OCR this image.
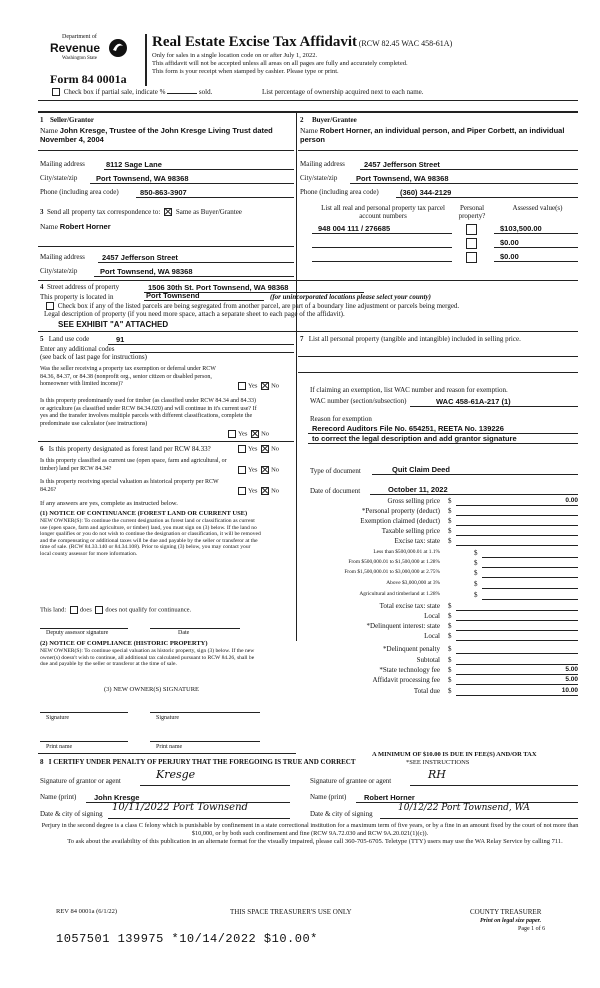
Department of
Revenue
Washington State
Form 84 0001a
Real Estate Excise Tax Affidavit (RCW 82.45 WAC 458-61A)
Only for sales in a single location code on or after July 1, 2022.
This affidavit will not be accepted unless all areas on all pages are fully and accurately completed.
This form is your receipt when stamped by cashier. Please type or print.
Check box if partial sale, indicate %	sold.	List percentage of ownership acquired next to each name.
1 Seller/Grantor
Name John Kresge, Trustee of the John Kresge Living Trust dated November 4, 2004
Mailing address	8112 Sage Lane
City/state/zip Port Townsend, WA 98368
Phone (including area code)	850-863-3907
2 Buyer/Grantee
Name Robert Horner, an individual person, and Piper Corbett, an individual person
Mailing address	2457 Jefferson Street
City/state/zip Port Townsend, WA 98368
Phone (including area code)	(360) 344-2129
3 Send all property tax correspondence to: Same as Buyer/Grantee
Name Robert Horner
Mailing address 2457 Jefferson Street
City/state/zip	Port Townsend, WA 98368
List all real and personal property tax parcel account numbers
Personal property?
Assessed value(s)
948 004 111 / 276685	$103,500.00
$0.00
$0.00
4 Street address of property	1506 30th St. Port Townsend, WA 98368
This property is located in	Port Townsend	(for unincorporated locations please select your county)
Check box if any of the listed parcels are being segregated from another parcel, are part of a boundary line adjustment or parcels being merged.
Legal description of property (if you need more space, attach a separate sheet to each page of the affidavit).
SEE EXHIBIT "A" ATTACHED
5 Land use code	91
Enter any additional codes
(see back of last page for instructions)
Was the seller receiving a property tax exemption or deferral under RCW 84.36, 84.37, or 84.38 (nonprofit org., senior citizen or disabled person, homeowner with limited income)?	Yes No
Is this property predominantly used for timber (as classified under RCW 84.34 and 84.33) or agriculture (as classified under RCW 84.34.020) and will continue in it's current use? If yes and the transfer involves multiple parcels with different classifications, complete the predominate use calculator (see instructions)
Yes No
6 Is this property designated as forest land per RCW 84.33?	Yes No
Is this property classified as current use (open space, farm and agricultural, or timber) land per RCW 84.34?	Yes No
Is this property receiving special valuation as historical property per RCW 84.26?	Yes No
If any answers are yes, complete as instructed below.
(1) NOTICE OF CONTINUANCE (FOREST LAND OR CURRENT USE)
NEW OWNER(S): To continue the current designation as forest land or classification as current use (open space, farm and agriculture, or timber) land, you must sign on (3) below. If the land no longer qualifies or you do not wish to continue the designation or classification, it will be removed and the compensating or additional taxes will be due and payable by the seller or transferor at the time of sale. (RCW 84.33.140 or 84.34.108). Prior to signing (3) below, you may contact your local county assessor for more information.
This land: does does not qualify for continuance.
Deputy assessor signature	Date
(2) NOTICE OF COMPLIANCE (HISTORIC PROPERTY)
NEW OWNER(S): To continue special valuation as historic property, sign (3) below. If the new owner(s) doesn't wish to continue, all additional tax calculated pursuant to RCW 84.26, shall be due and payable by the seller or transferor at the time of sale.
(3) NEW OWNER(S) SIGNATURE
Signature	Signature
Print name	Print name
7 List all personal property (tangible and intangible) included in selling price.
If claiming an exemption, list WAC number and reason for exemption.
WAC number (section/subsection)	WAC 458-61A-217 (1)
Reason for exemption
Rerecord Auditors File No. 654251, REETA No. 139226
to correct the legal description and add grantor signature
Type of document	Quit Claim Deed
Date of document	October 11, 2022
Gross selling price $	0.00
*Personal property (deduct) $
Exemption claimed (deduct) $
Taxable selling price $
Excise tax: state $
Less than $500,000.01 at 1.1%	$
From $500,000.01 to $1,500,000 at 1.28%	$
From $1,500,000.01 to $3,000,000 at 2.75%	$
Above $3,000,000 at 3%	$
Agricultural and timberland at 1.28%	$
Total excise tax: state $
Local $
*Delinquent interest: state $
Local $
*Delinquent penalty $
Subtotal $
*State technology fee $	5.00
Affidavit processing fee $	5.00
Total due $	10.00
A MINIMUM OF $10.00 IS DUE IN FEE(S) AND/OR TAX
*SEE INSTRUCTIONS
8 I CERTIFY UNDER PENALTY OF PERJURY THAT THE FOREGOING IS TRUE AND CORRECT
Signature of grantor or agent	Kresge	Signature of grantee or agent	RH
Name (print) John Kresge	Name (print) Robert Horner
Date & city of signing
10/11/2022 Port Townsend
Date & city of signing
10/12/22 Port Townsend, WA
Perjury in the second degree is a class C felony which is punishable by confinement in a state correctional institution for a maximum term of five years, or by a fine in an amount fixed by the court of not more than $10,000, or by both such confinement and fine (RCW 9A.72.030 and RCW 9A.20.021(1)(c)).
To ask about the availability of this publication in an alternate format for the visually impaired, please call 360-705-6705. Teletype (TTY) users may use the WA Relay Service by calling 711.
REV 84 0001a (6/1/22)	THIS SPACE TREASURER'S USE ONLY	COUNTY TREASURER
Print on legal size paper.
Page 1 of 6
1057501 139975 *10/14/2022 $10.00*
